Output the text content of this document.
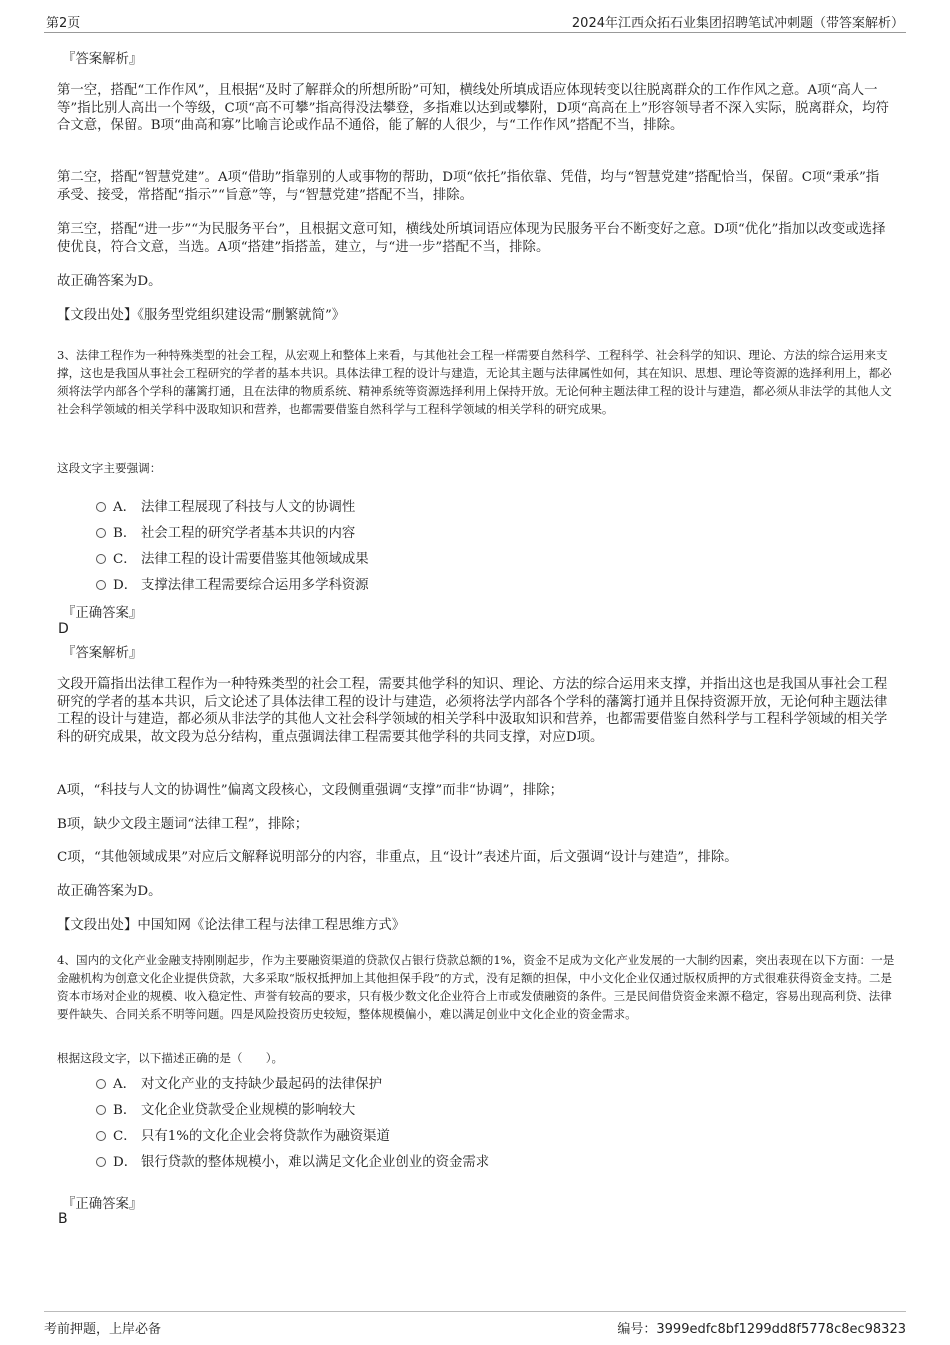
第2页	2024年江西众拓石业集团招聘笔试冲刺题（带答案解析）
『答案解析』

第一空，搭配“工作作风”，且根据“及时了解群众的所想所盼”可知，横线处所填成语应体现转变以往脱离群众的工作作风之意。A项“高人一等”指比别人高出一个等级，C项“高不可攀”指高得没法攀登，多指难以达到或攀附，D项“高高在上”形容领导者不深入实际，脱离群众，均符合文意，保留。B项“曲高和寡”比喻言论或作品不通俗，能了解的人很少，与“工作作风”搭配不当，排除。

第二空，搭配“智慧党建”。A项“借助”指靠别的人或事物的帮助，D项“依托”指依靠、凭借，均与“智慧党建”搭配恰当，保留。C项“秉承”指承受、接受，常搭配“指示”“旨意”等，与“智慧党建”搭配不当，排除。

第三空，搭配“进一步”“为民服务平台”，且根据文意可知，横线处所填词语应体现为民服务平台不断变好之意。D项“优化”指加以改变或选择使优良，符合文意，当选。A项“搭建”指搭盖，建立，与“进一步”搭配不当，排除。

故正确答案为D。

【文段出处】《服务型党组织建设需“删繁就简”》

3、法律工程作为一种特殊类型的社会工程，从宏观上和整体上来看，与其他社会工程一样需要自然科学、工程科学、社会科学的知识、理论、方法的综合运用来支撑，这也是我国从事社会工程研究的学者的基本共识。具体法律工程的设计与建造，无论其主题与法律属性如何，其在知识、思想、理论等资源的选择利用上，都必须将法学内部各个学科的藩篱打通，且在法律的物质系统、精神系统等资源选择利用上保持开放。无论何种主题法律工程的设计与建造，都必须从非法学的其他人文社会科学领域的相关学科中汲取知识和营养，也都需要借鉴自然科学与工程科学领域的相关学科的研究成果。

这段文字主要强调：

A． 法律工程展现了科技与人文的协调性
B． 社会工程的研究学者基本共识的内容
C． 法律工程的设计需要借鉴其他领域成果
D． 支撑法律工程需要综合运用多学科资源
『正确答案』
D
『答案解析』

文段开篇指出法律工程作为一种特殊类型的社会工程，需要其他学科的知识、理论、方法的综合运用来支撑，并指出这也是我国从事社会工程研究的学者的基本共识，后文论述了具体法律工程的设计与建造，必须将法学内部各个学科的藩篱打通并且保持资源开放，无论何种主题法律工程的设计与建造，都必须从非法学的其他人文社会科学领域的相关学科中汲取知识和营养，也都需要借鉴自然科学与工程科学领域的相关学科的研究成果，故文段为总分结构，重点强调法律工程需要其他学科的共同支撑，对应D项。

A项，“科技与人文的协调性”偏离文段核心，文段侧重强调“支撑”而非“协调”，排除；

B项，缺少文段主题词“法律工程”，排除；

C项，“其他领域成果”对应后文解释说明部分的内容，非重点，且“设计”表述片面，后文强调“设计与建造”，排除。

故正确答案为D。

【文段出处】中国知网《论法律工程与法律工程思维方式》

4、国内的文化产业金融支持刚刚起步，作为主要融资渠道的贷款仅占银行贷款总额的1%，资金不足成为文化产业发展的一大制约因素，突出表现在以下方面：一是金融机构为创意文化企业提供贷款，大多采取“版权抵押加上其他担保手段”的方式，没有足额的担保，中小文化企业仅通过版权质押的方式很难获得资金支持。二是资本市场对企业的规模、收入稳定性、声誉有较高的要求，只有极少数文化企业符合上市或发债融资的条件。三是民间借贷资金来源不稳定，容易出现高利贷、法律要件缺失、合同关系不明等问题。四是风险投资历史较短，整体规模偏小，难以满足创业中文化企业的资金需求。

根据这段文字，以下描述正确的是（　　）。

A． 对文化产业的支持缺少最起码的法律保护
B． 文化企业贷款受企业规模的影响较大
C． 只有1%的文化企业会将贷款作为融资渠道
D． 银行贷款的整体规模小，难以满足文化企业创业的资金需求
『正确答案』
B
考前押题，上岸必备	编号：3999edfc8bf1299dd8f5778c8ec98323
